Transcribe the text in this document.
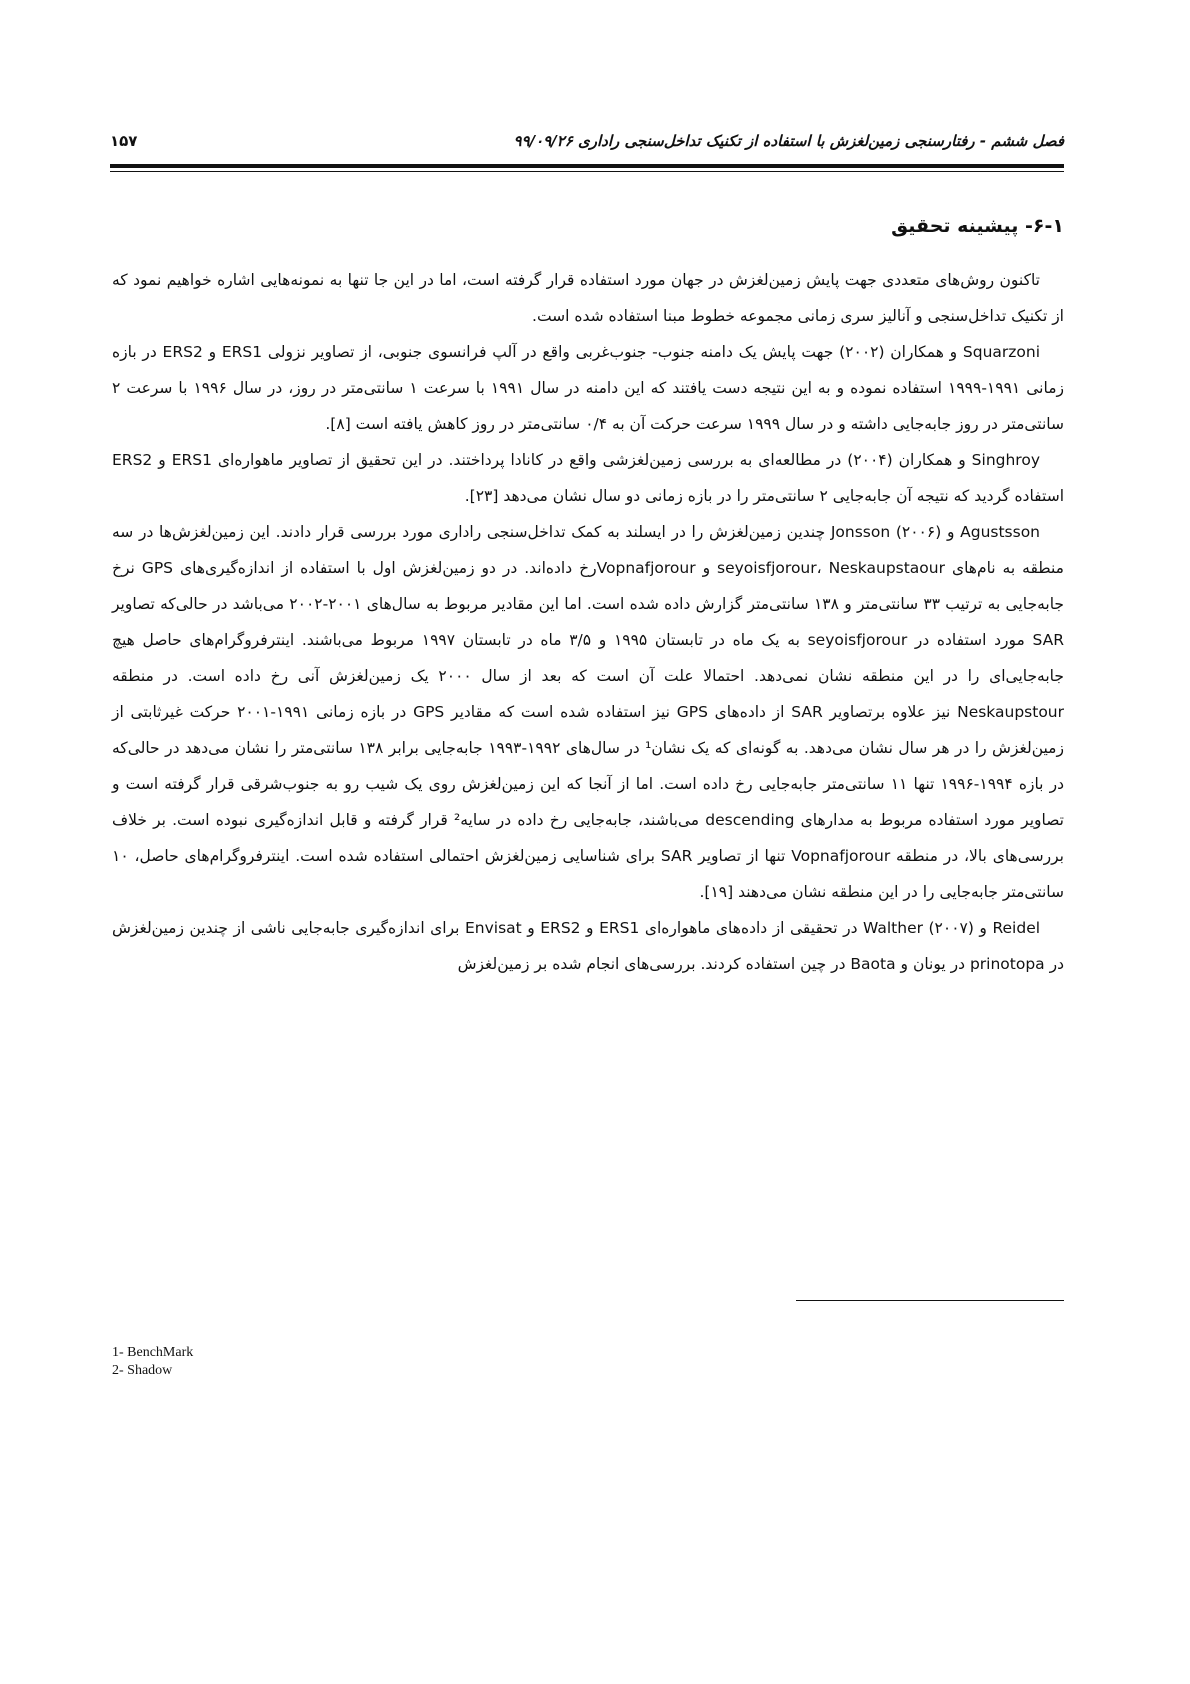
فصل ششم - رفتارسنجی زمین‌لغزش با استفاده از تکنیک تداخل‌سنجی راداری ۹۹/۰۹/۲۶
۱۵۷
۶-۱- پیشینه تحقیق

تاکنون روش‌های متعددی جهت پایش زمین‌لغزش در جهان مورد استفاده قرار گرفته است، اما در این جا تنها به نمونه‌هایی اشاره خواهیم نمود که از تکنیک تداخل‌سنجی و آنالیز سری زمانی مجموعه خطوط مبنا استفاده شده است.

Squarzoni و همکاران (۲۰۰۲) جهت پایش یک دامنه جنوب- جنوب‌غربی واقع در آلپ فرانسوی جنوبی، از تصاویر نزولی ERS1 و ERS2 در بازه زمانی ۱۹۹۱-۱۹۹۹ استفاده نموده و به این نتیجه دست یافتند که این دامنه در سال ۱۹۹۱ با سرعت ۱ سانتی‌متر در روز، در سال ۱۹۹۶ با سرعت ۲ سانتی‌متر در روز جابه‌جایی داشته و در سال ۱۹۹۹ سرعت حرکت آن به ۰/۴ سانتی‌متر در روز کاهش یافته است [۸].

Singhroy و همکاران (۲۰۰۴) در مطالعه‌ای به بررسی زمین‌لغزشی واقع در کانادا پرداختند. در این تحقیق از تصاویر ماهواره‌ای ERS1 و ERS2 استفاده گردید که نتیجه آن جابه‌جایی ۲ سانتی‌متر را در بازه زمانی دو سال نشان می‌دهد [۲۳].

Agustsson و Jonsson (۲۰۰۶) چندین زمین‌لغزش را در ایسلند به کمک تداخل‌سنجی راداری مورد بررسی قرار دادند. این زمین‌لغزش‌ها در سه منطقه به نام‌های seyoisfjorour، Neskaupstaour و Vopnafjorourرخ داده‌اند. در دو زمین‌لغزش اول با استفاده از اندازه‌گیری‌های GPS نرخ جابه‌جایی به ترتیب ۳۳ سانتی‌متر و ۱۳۸ سانتی‌متر گزارش داده شده است. اما این مقادیر مربوط به سال‌های ۲۰۰۱-۲۰۰۲ می‌باشد در حالی‌که تصاویر SAR مورد استفاده در seyoisfjorour به یک ماه در تابستان ۱۹۹۵ و ۳/۵ ماه در تابستان ۱۹۹۷ مربوط می‌باشند. اینترفروگرام‌های حاصل هیچ جابه‌جایی‌ای را در این منطقه نشان نمی‌دهد. احتمالا علت آن است که بعد از سال ۲۰۰۰ یک زمین‌لغزش آنی رخ داده است. در منطقه Neskaupstour نیز علاوه برتصاویر SAR از داده‌های GPS نیز استفاده شده است که مقادیر GPS در بازه زمانی ۱۹۹۱-۲۰۰۱ حرکت غیرثابتی از زمین‌لغزش را در هر سال نشان می‌دهد. به گونه‌ای که یک نشان¹ در سال‌های ۱۹۹۲-۱۹۹۳ جابه‌جایی برابر ۱۳۸ سانتی‌متر را نشان می‌دهد در حالی‌که در بازه ۱۹۹۴-۱۹۹۶ تنها ۱۱ سانتی‌متر جابه‌جایی رخ داده است. اما از آنجا که این زمین‌لغزش روی یک شیب رو به جنوب‌شرقی قرار گرفته است و تصاویر مورد استفاده مربوط به مدارهای descending می‌باشند، جابه‌جایی رخ داده در سایه² قرار گرفته و قابل اندازه‌گیری نبوده است. بر خلاف بررسی‌های بالا، در منطقه Vopnafjorour تنها از تصاویر SAR برای شناسایی زمین‌لغزش احتمالی استفاده شده است. اینترفروگرام‌های حاصل، ۱۰ سانتی‌متر جابه‌جایی را در این منطقه نشان می‌دهند [۱۹].

Reidel و Walther (۲۰۰۷) در تحقیقی از داده‌های ماهواره‌ای ERS1 و ERS2 و Envisat برای اندازه‌گیری جابه‌جایی ناشی از چندین زمین‌لغزش در prinotopa در یونان و Baota در چین استفاده کردند. بررسی‌های انجام شده بر زمین‌لغزش

1- BenchMark
2- Shadow
